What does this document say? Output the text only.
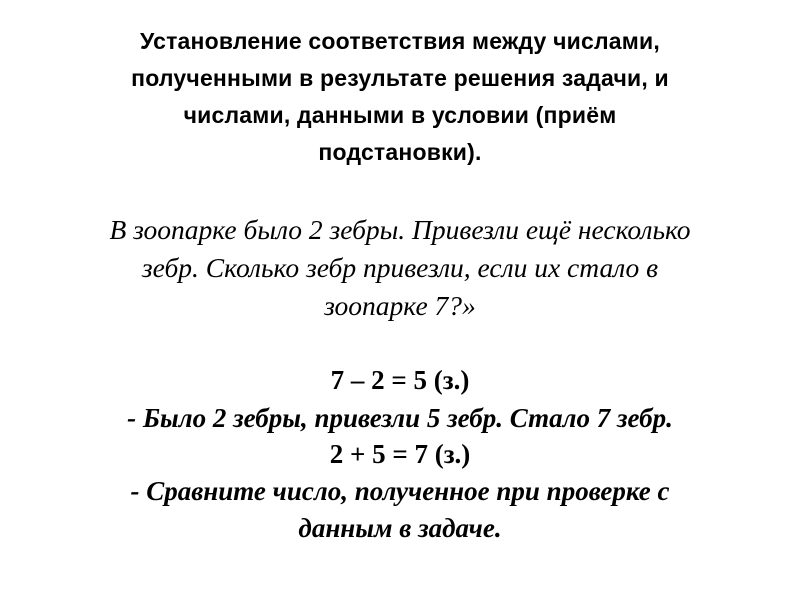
Установление соответствия между числами,
полученными в результате решения задачи, и
числами, данными в условии (приём
подстановки).
В зоопарке было 2 зебры. Привезли ещё несколько
зебр. Сколько зебр привезли, если их стало в
зоопарке 7?»
7 – 2 = 5 (з.)
- Было 2 зебры, привезли 5 зебр. Стало 7 зебр.
2 + 5 = 7 (з.)
- Сравните число, полученное при проверке с
данным в задаче.
